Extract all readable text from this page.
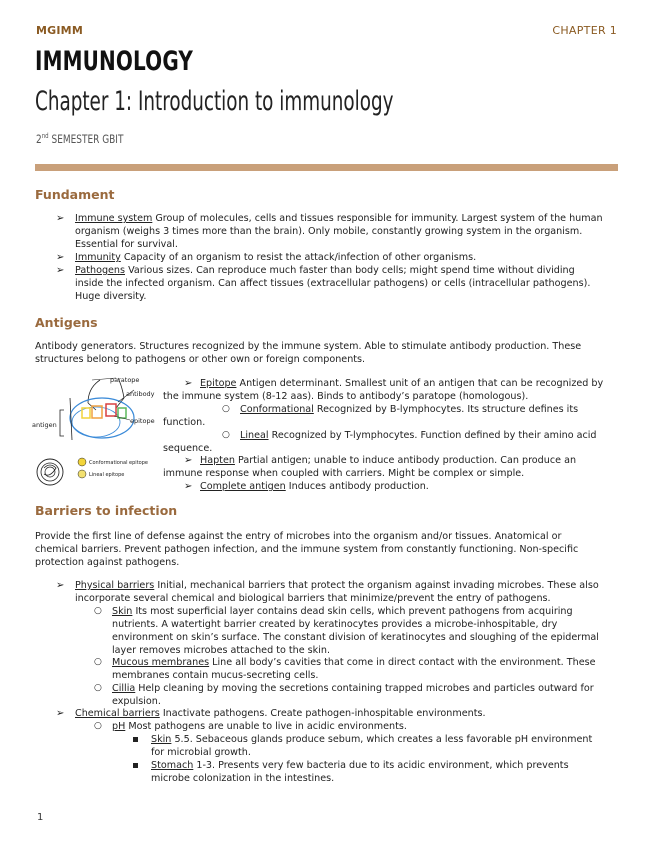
MGIMM	CHAPTER 1
IMMUNOLOGY
Chapter 1: Introduction to immunology
2nd SEMESTER GBIT
Fundament
➢ Immune system Group of molecules, cells and tissues responsible for immunity. Largest system of the human
organism (weighs 3 times more than the brain). Only mobile, constantly growing system in the organism.
Essential for survival.
➢ Immunity Capacity of an organism to resist the attack/infection of other organisms.
➢ Pathogens Various sizes. Can reproduce much faster than body cells; might spend time without dividing
inside the infected organism. Can affect tissues (extracellular pathogens) or cells (intracellular pathogens).
Huge diversity.
Antigens
Antibody generators. Structures recognized by the immune system. Able to stimulate antibody production. These
structures belong to pathogens or other own or foreign components.
paratope
antibody
epitope
antigen
Conformational epitope
Lineal epitope
➢ Epitope Antigen determinant. Smallest unit of an antigen that can be recognized by
the immune system (8-12 aas). Binds to antibody’s paratope (homologous).
○ Conformational Recognized by B-lymphocytes. Its structure defines its
function.
○ Lineal Recognized by T-lymphocytes. Function defined by their amino acid
sequence.
➢ Hapten Partial antigen; unable to induce antibody production. Can produce an
immune response when coupled with carriers. Might be complex or simple.
➢ Complete antigen Induces antibody production.
Barriers to infection
Provide the first line of defense against the entry of microbes into the organism and/or tissues. Anatomical or
chemical barriers. Prevent pathogen infection, and the immune system from constantly functioning. Non-specific
protection against pathogens.
➢ Physical barriers Initial, mechanical barriers that protect the organism against invading microbes. These also
incorporate several chemical and biological barriers that minimize/prevent the entry of pathogens.
○ Skin Its most superficial layer contains dead skin cells, which prevent pathogens from acquiring
nutrients. A watertight barrier created by keratinocytes provides a microbe-inhospitable, dry
environment on skin’s surface. The constant division of keratinocytes and sloughing of the epidermal
layer removes microbes attached to the skin.
○ Mucous membranes Line all body’s cavities that come in direct contact with the environment. These
membranes contain mucus-secreting cells.
○ Cillia Help cleaning by moving the secretions containing trapped microbes and particles outward for
expulsion.
➢ Chemical barriers Inactivate pathogens. Create pathogen-inhospitable environments.
○ pH Most pathogens are unable to live in acidic environments.
Skin 5.5. Sebaceous glands produce sebum, which creates a less favorable pH environment
for microbial growth.
Stomach 1-3. Presents very few bacteria due to its acidic environment, which prevents
microbe colonization in the intestines.
1
